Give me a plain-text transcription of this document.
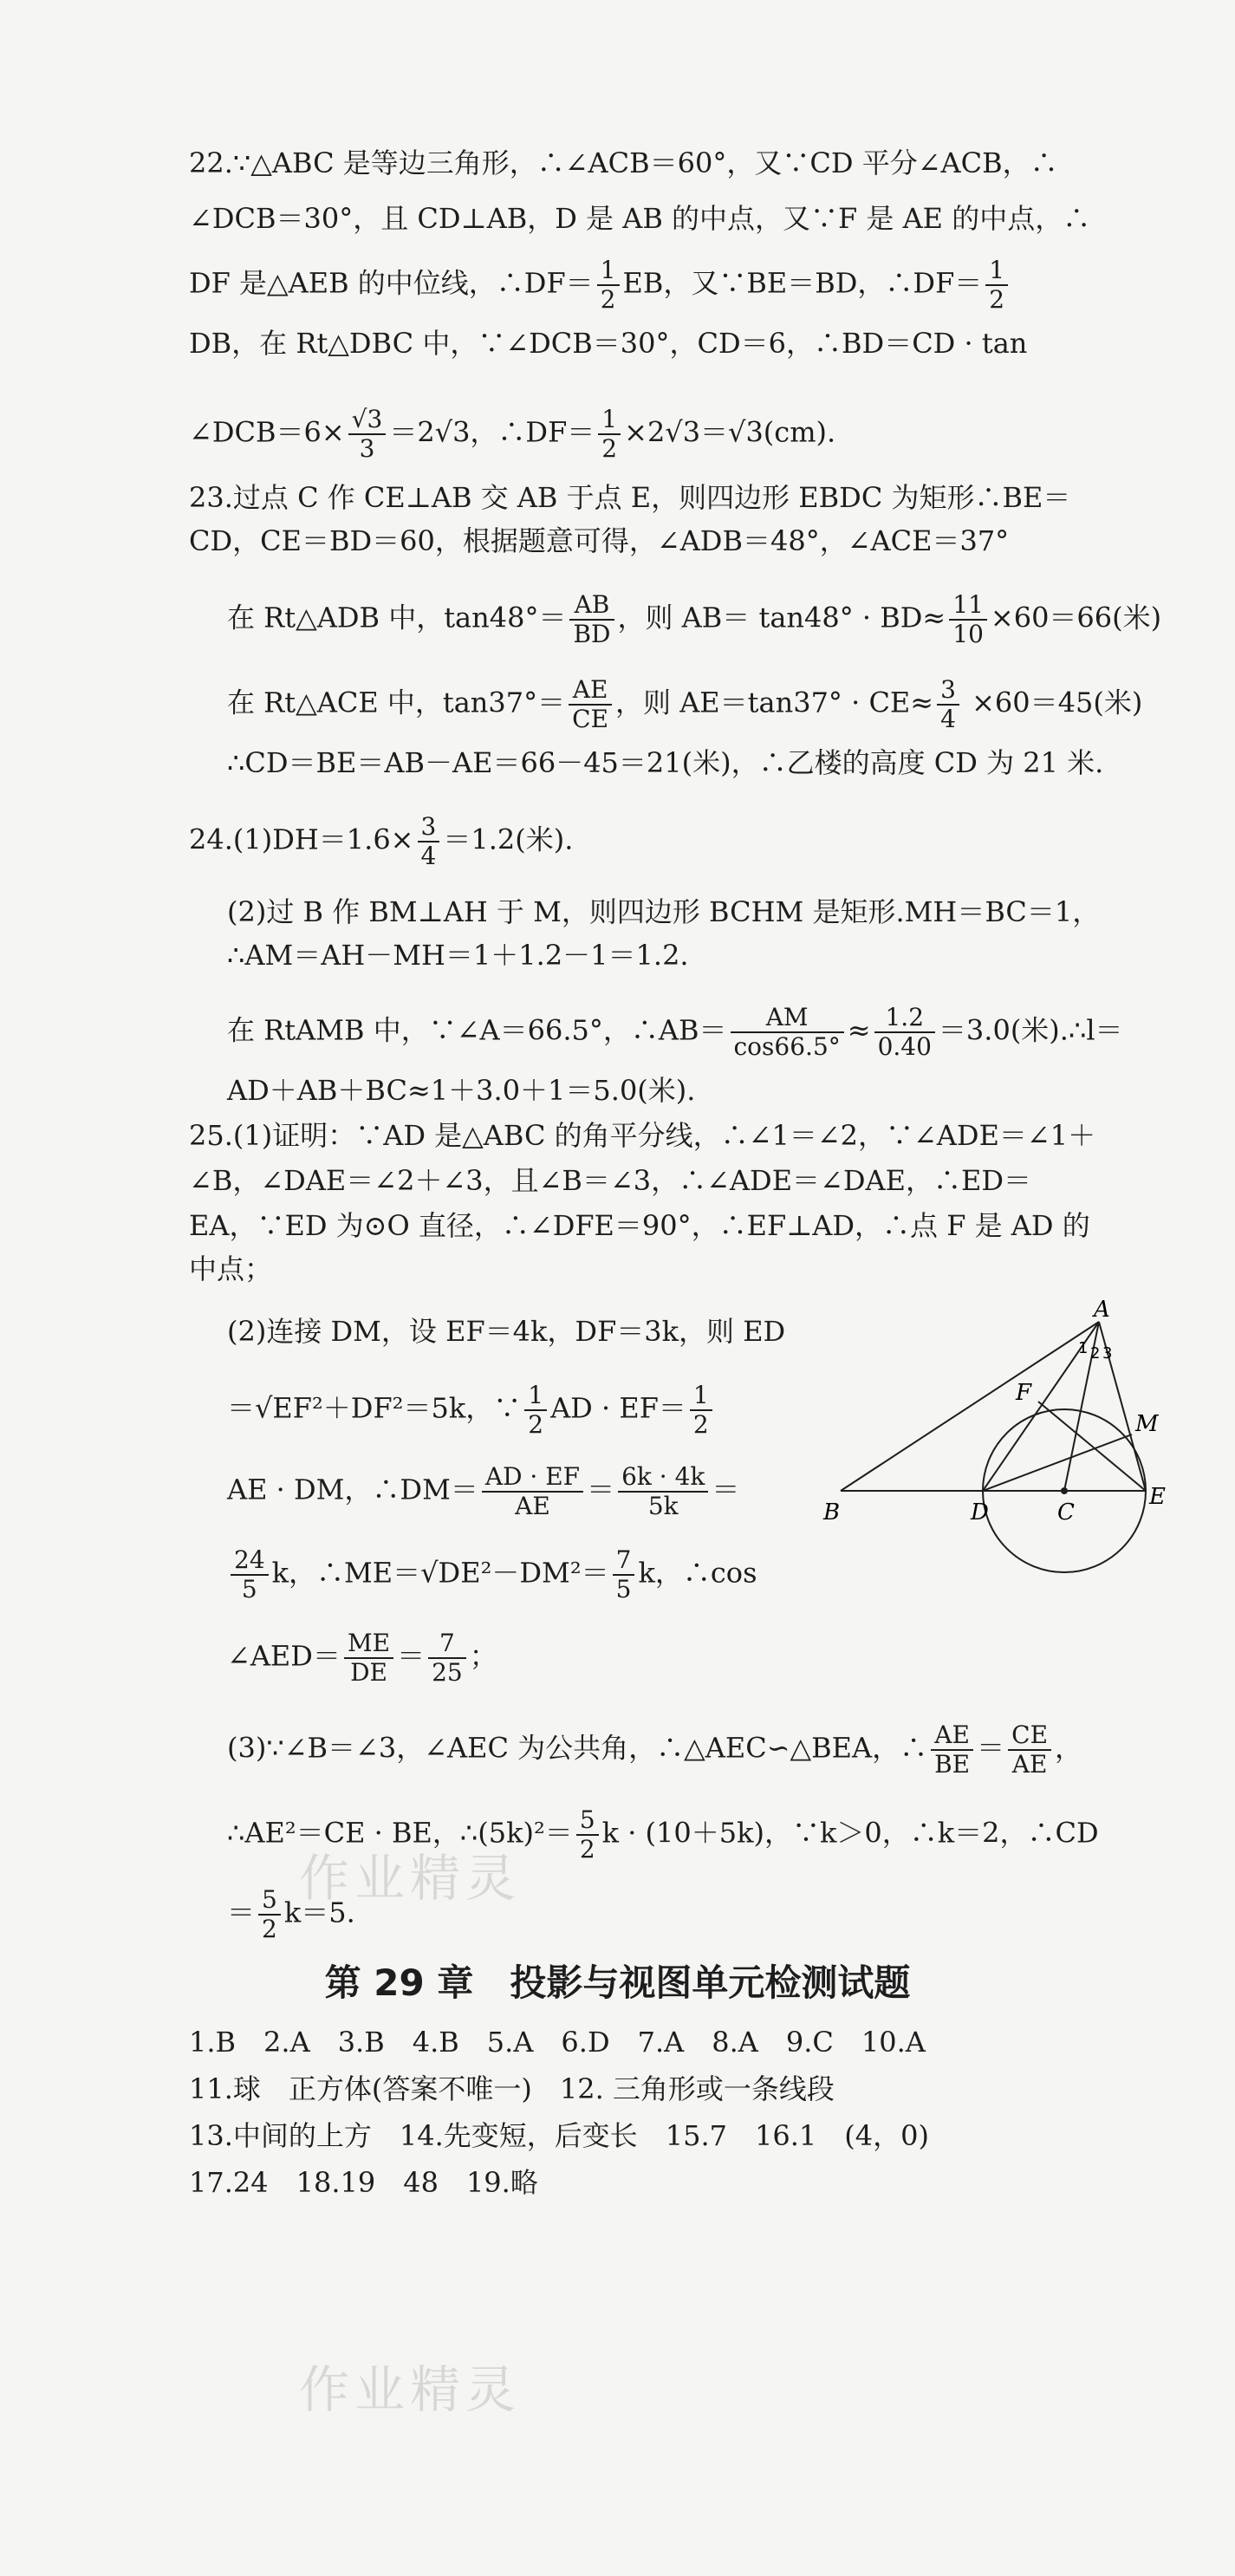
22.∵△ABC 是等边三角形，∴∠ACB＝60°，又∵CD 平分∠ACB，∴
∠DCB＝30°，且 CD⊥AB，D 是 AB 的中点，又∵F 是 AE 的中点，∴
DF 是△AEB 的中位线，∴DF＝ $\frac{1}{2}$ EB，又∵BE＝BD，∴DF＝ $\frac{1}{2}$
DB，在 Rt△DBC 中，∵∠DCB＝30°，CD＝6，∴BD＝CD · tan
∠DCB＝6× $\frac{√3}{3} =2√3$，∴DF＝ $\frac{1}{2} \times 2√3=√3(cm)$.
23.过点 C 作 CE⊥AB 交 AB 于点 E，则四边形 EBDC 为矩形∴BE＝
CD，CE＝BD＝60，根据题意可得，∠ADB＝48°，∠ACE＝37°
在 Rt△ADB 中，$\tan 48^\circ= \frac{AB}{BD}$ ，则 $AB= \tan 48^\circ \cdot BD\approx \frac{11}{10} \times 60=66$(米)
在 Rt△ACE 中，$\tan 37^\circ= \frac{AE}{CE}$ ，则 $AE=\tan 37^\circ \cdot CE\approx \frac{3}{4} \times 60=45$(米)
∴CD＝BE＝AB－AE＝66－45＝21(米)，∴乙楼的高度 CD 为 21 米.
$24.(1)DH=1.6\times \frac{3}{4} =1.2$(米).
(2)过 B 作 BM⊥AH 于 M，则四边形 BCHM 是矩形.MH＝BC＝1，
∴AM＝AH－MH＝1＋1.2－1＝1.2.
在 RtAMB 中，∵∠A＝66.5°，∴AB＝ $\frac{AM}{\cos 66.5^\circ} \approx \frac{1.2}{0.40} =3.0$(米).∴l＝
AD＋AB＋BC≈1＋3.0＋1＝5.0(米).
25.(1)证明：∵AD 是△ABC 的角平分线，∴∠1＝∠2，∵∠ADE＝∠1＋
∠B，∠DAE＝∠2＋∠3，且∠B＝∠3，∴∠ADE＝∠DAE，∴ED＝
EA，∵ED 为⊙O 直径，∴∠DFE＝90°，∴EF⊥AD，∴点 F 是 AD 的
中点；
(2)连接 DM，设 EF＝4k，DF＝3k，则 ED
＝√EF²＋DF²＝5k，∵ $\frac{1}{2}$ AD · $EF= \frac{1}{2}$
AE · DM，∴DM＝ $\frac{AD \cdot EF}{AE} = \frac{6k \cdot 4k}{5k}$ ＝
$\frac{24}{5}$ k，∴ME＝√DE²－DM²＝ $\frac{7}{5}$ k，∴cos
∠AED＝ $\frac{ME}{DE} = \frac{7}{25}$ ；
(3)∵∠B＝∠3，∠AEC 为公共角，∴△AEC∽△BEA，∴ $\frac{AE}{BE} = \frac{CE}{AE}$ ，
∴AE²＝CE · BE，∴(5k)²＝ $\frac{5}{2}$ k · (10＋5k)，∵k＞0，∴k＝2，∴CD
＝ $\frac{5}{2} k=5$.
A
B	C
D
E
F
M
1 2 3
作业精灵
第 29 章　投影与视图单元检测试题
1.B　2.A　3.B　4.B　5.A　6.D　7.A　8.A　9.C　10.A
11.球　正方体(答案不唯一)　12. 三角形或一条线段
13.中间的上方　14.先变短，后变长　15.7　16.1　(4，0)
17.24　18.19　48　19.略
作业精灵
